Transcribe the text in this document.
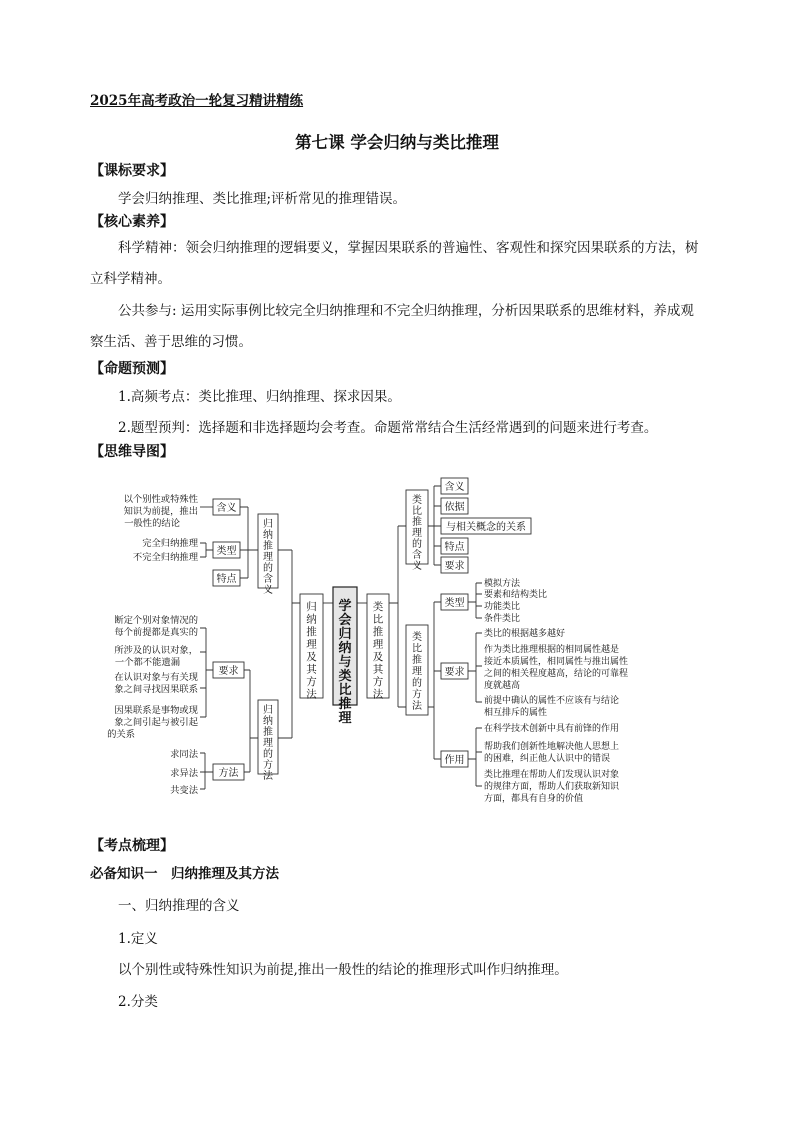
2025年高考政治一轮复习精讲精练
第七课 学会归纳与类比推理
【课标要求】
学会归纳推理、类比推理;评析常见的推理错误。
【核心素养】
科学精神：领会归纳推理的逻辑要义，掌握因果联系的普遍性、客观性和探究因果联系的方法，树立科学精神。
公共参与: 运用实际事例比较完全归纳推理和不完全归纳推理，分析因果联系的思维材料，养成观察生活、善于思维的习惯。
【命题预测】
1.高频考点：类比推理、归纳推理、探求因果。
2.题型预判：选择题和非选择题均会考查。命题常常结合生活经常遇到的问题来进行考查。
【思维导图】
学会归纳与类比推理
归纳推理及其方法
类比推理及其方法
归纳推理的含义
归纳推理的方法
含义
类型
特点
要求
方法
以个别性或特殊性
知识为前提，推出
一般性的结论
完全归纳推理
不完全归纳推理
断定个别对象情况的
每个前提都是真实的
所涉及的认识对象，
一个都不能遗漏
在认识对象与有关现
象之间寻找因果联系
因果联系是事物或现
象之间引起与被引起
的关系
求同法
求异法
共变法
类比推理的含义
类比推理的方法
含义
依据
与相关概念的关系
特点
要求
类型
要求
作用
模拟方法
要素和结构类比
功能类比
条件类比
类比的根据越多越好
作为类比推理根据的相同属性越是
接近本质属性，相同属性与推出属性
之间的相关程度越高，结论的可靠程
度就越高
前提中确认的属性不应该有与结论
相互排斥的属性
在科学技术创新中具有前锋的作用
帮助我们创新性地解决他人思想上
的困难，纠正他人认识中的错误
类比推理在帮助人们发现认识对象
的规律方面，帮助人们获取新知识
方面，都具有自身的价值
【考点梳理】
必备知识一　归纳推理及其方法
一、归纳推理的含义
1.定义
以个别性或特殊性知识为前提,推出一般性的结论的推理形式叫作归纳推理。
2.分类
